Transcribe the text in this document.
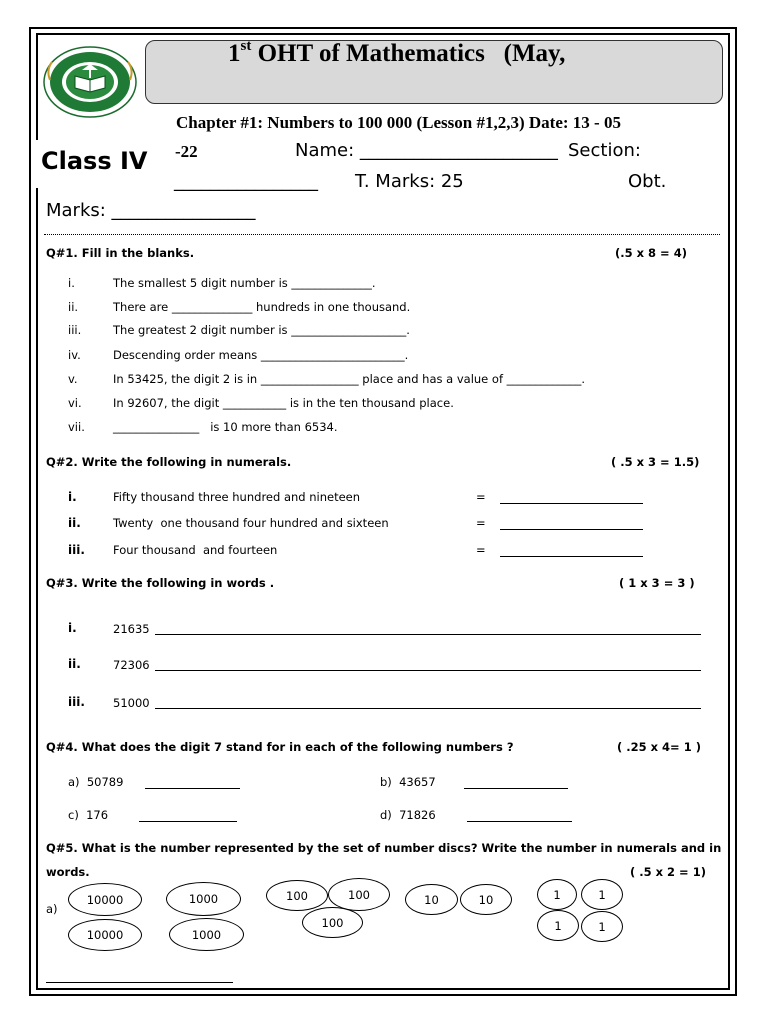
1st OHT of Mathematics   (May,
Chapter #1: Numbers to 100 000 (Lesson #1,2,3) Date: 13 - 05
-22
Class IV	Name: ______________________ Section:
________________ T. Marks: 25	Obt.
Marks: ________________
Q#1. Fill in the blanks.	(.5 x 8 = 4)
i.	The smallest 5 digit number is ______________.
ii.	There are ______________ hundreds in one thousand.
iii.	The greatest 2 digit number is ____________________.
iv.	Descending order means _________________________.
v.	In 53425, the digit 2 is in _________________ place and has a value of _____________.
vi.	In 92607, the digit ___________ is in the ten thousand place.
vii. _______________   is 10 more than 6534.
Q#2. Write the following in numerals.	( .5 x 3 = 1.5)
i.	Fifty thousand three hundred and nineteen	=
ii.	Twenty  one thousand four hundred and sixteen	=
iii. Four thousand  and fourteen	=
Q#3. Write the following in words .	( 1 x 3 = 3 )
i.	21635
ii.	72306
iii. 51000
Q#4. What does the digit 7 stand for in each of the following numbers ?	( .25 x 4= 1 )
a)  50789	b)  43657
c)  176	d)  71826
Q#5. What is the number represented by the set of number discs? Write the number in numerals and in
words.	( .5 x 2 = 1)
a)
10000	1000	100	100	10	10	1	1
10000	1000
100	1	1
